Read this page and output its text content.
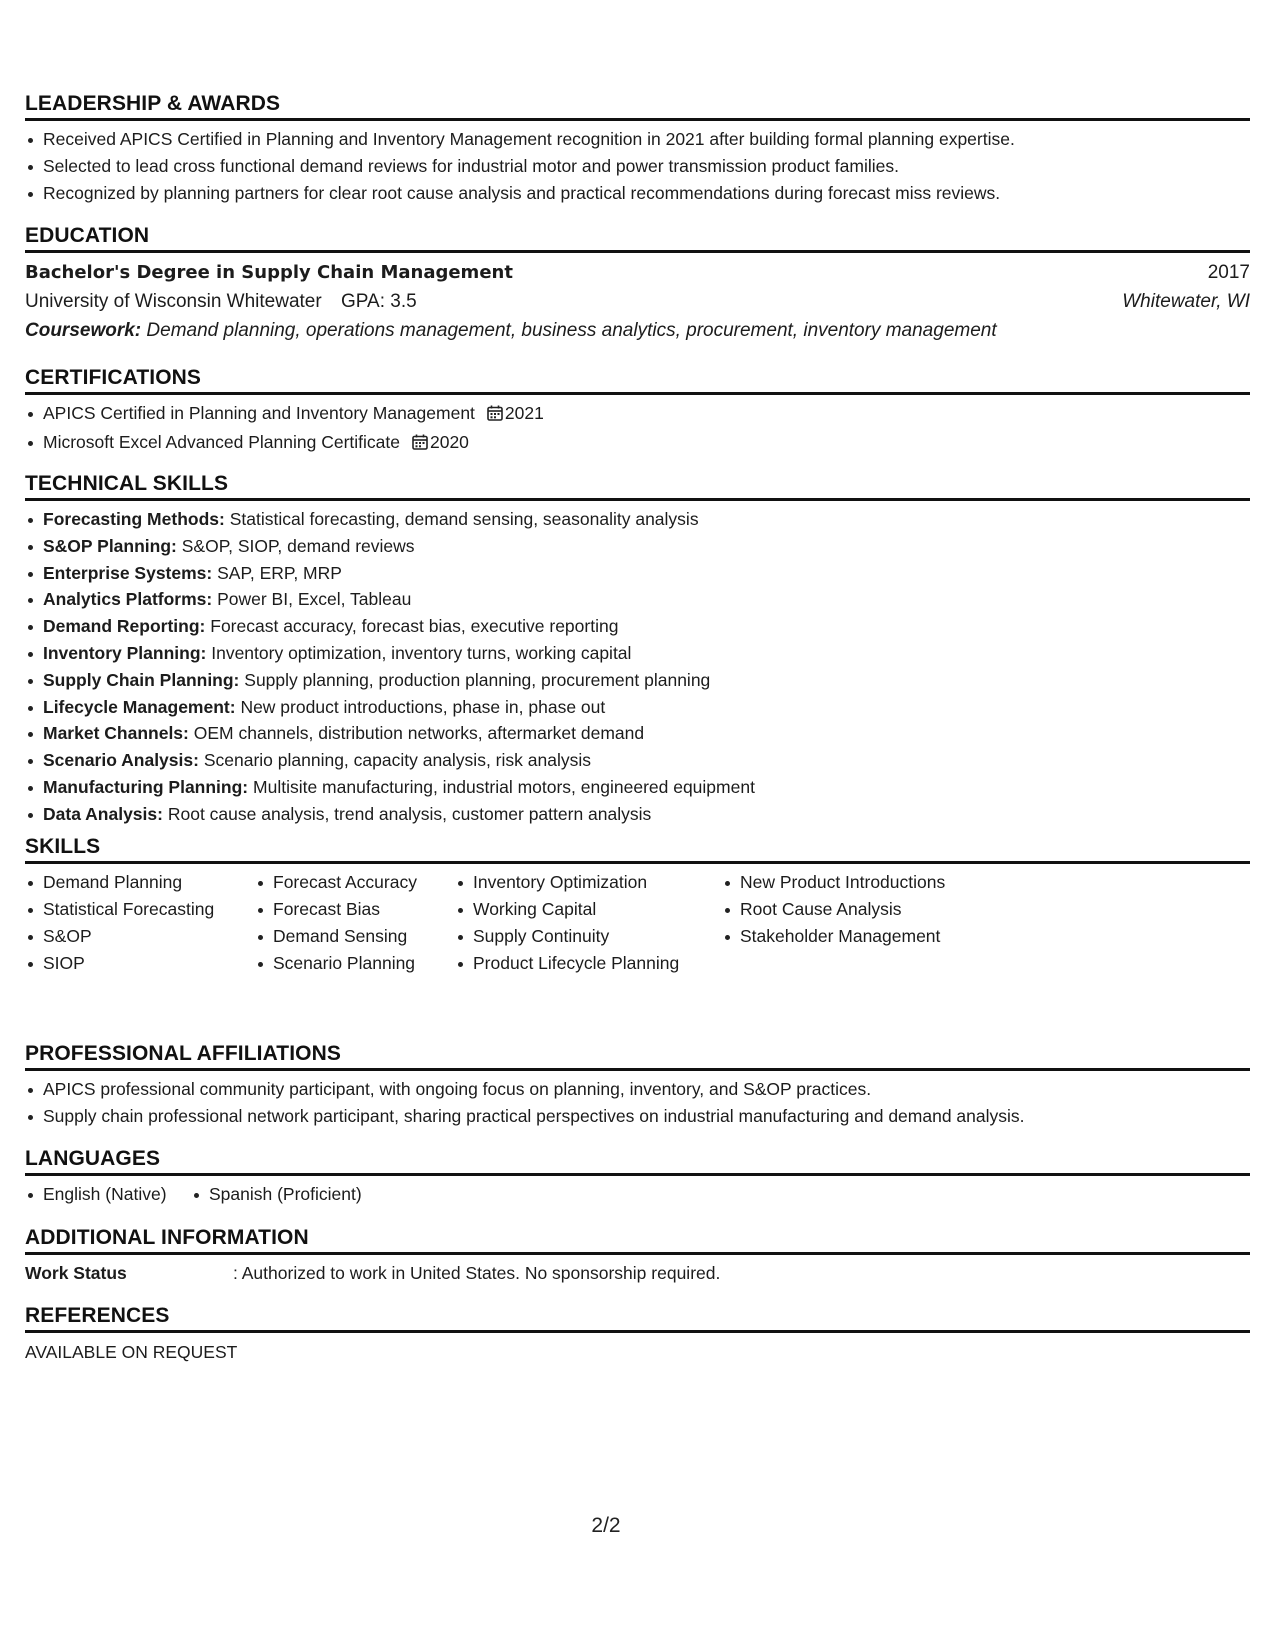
LEADERSHIP & AWARDS
Received APICS Certified in Planning and Inventory Management recognition in 2021 after building formal planning expertise.
Selected to lead cross functional demand reviews for industrial motor and power transmission product families.
Recognized by planning partners for clear root cause analysis and practical recommendations during forecast miss reviews.
EDUCATION
Bachelor's Degree in Supply Chain Management	2017
University of Wisconsin Whitewater GPA: 3.5	Whitewater, WI
Coursework: Demand planning, operations management, business analytics, procurement, inventory management
CERTIFICATIONS
APICS Certified in Planning and Inventory Management 2021
Microsoft Excel Advanced Planning Certificate 2020
TECHNICAL SKILLS
Forecasting Methods: Statistical forecasting, demand sensing, seasonality analysis
S&OP Planning: S&OP, SIOP, demand reviews
Enterprise Systems: SAP, ERP, MRP
Analytics Platforms: Power BI, Excel, Tableau
Demand Reporting: Forecast accuracy, forecast bias, executive reporting
Inventory Planning: Inventory optimization, inventory turns, working capital
Supply Chain Planning: Supply planning, production planning, procurement planning
Lifecycle Management: New product introductions, phase in, phase out
Market Channels: OEM channels, distribution networks, aftermarket demand
Scenario Analysis: Scenario planning, capacity analysis, risk analysis
Manufacturing Planning: Multisite manufacturing, industrial motors, engineered equipment
Data Analysis: Root cause analysis, trend analysis, customer pattern analysis
SKILLS
Demand Planning
Statistical Forecasting
S&OP
SIOP
Forecast Accuracy
Forecast Bias
Demand Sensing
Scenario Planning
Inventory Optimization
Working Capital
Supply Continuity
Product Lifecycle Planning
New Product Introductions
Root Cause Analysis
Stakeholder Management
PROFESSIONAL AFFILIATIONS
APICS professional community participant, with ongoing focus on planning, inventory, and S&OP practices.
Supply chain professional network participant, sharing practical perspectives on industrial manufacturing and demand analysis.
LANGUAGES
English (Native) Spanish (Proficient)
ADDITIONAL INFORMATION
Work Status	: Authorized to work in United States. No sponsorship required.
REFERENCES
AVAILABLE ON REQUEST
2/2
